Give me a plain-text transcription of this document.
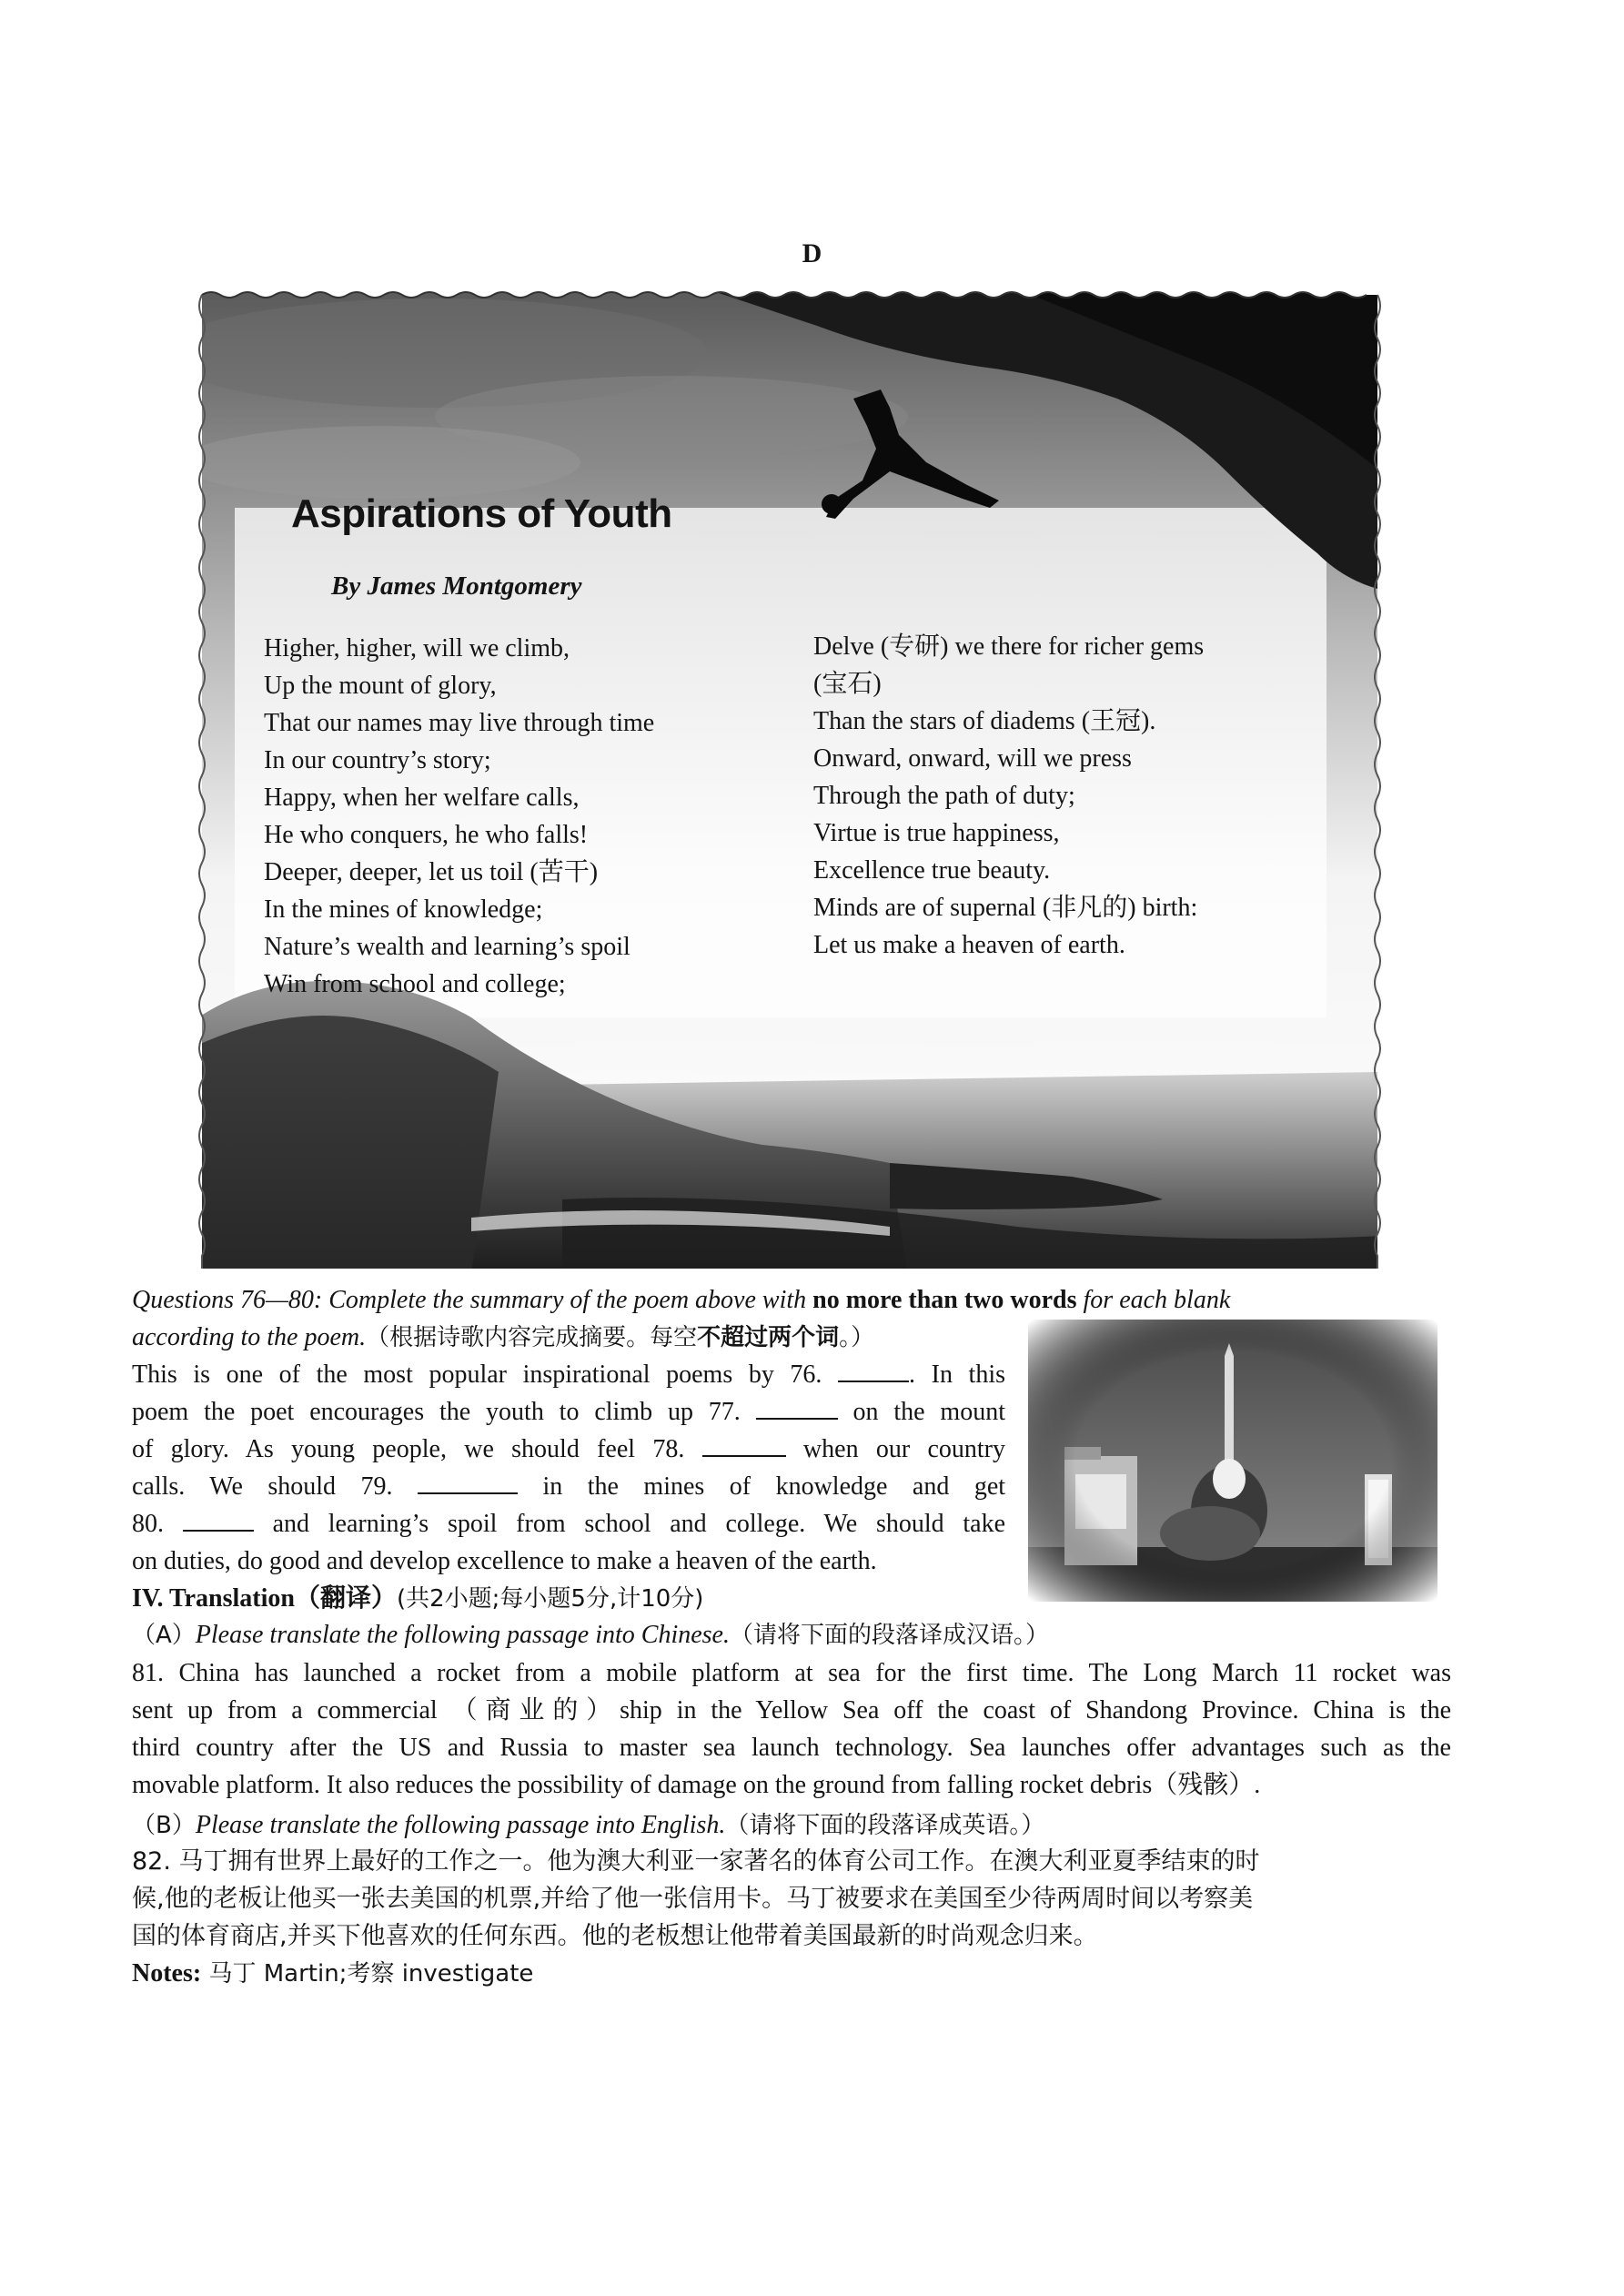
D
Aspirations of Youth
By James Montgomery
Higher, higher, will we climb,
Up the mount of glory,
That our names may live through time
In our country’s story;
Happy, when her welfare calls,
He who conquers, he who falls!
Deeper, deeper, let us toil (苦干)
In the mines of knowledge;
Nature’s wealth and learning’s spoil
Win from school and college;
Delve (专研) we there for richer gems
(宝石)
Than the stars of diadems (王冠).
Onward, onward, will we press
Through the path of duty;
Virtue is true happiness,
Excellence true beauty.
Minds are of supernal (非凡的) birth:
Let us make a heaven of earth.
Questions 76—80: Complete the summary of the poem above with no more than two words for each blank
according to the poem.（根据诗歌内容完成摘要。每空不超过两个词。）
This is one of the most popular inspirational poems by 76.	. In this
poem the poet encourages the youth to climb up 77.	on the mount
of glory. As young people, we should feel 78.	when our country
calls. We should 79.	in the mines of knowledge and get
80.	and learning’s spoil from school and college. We should take
on duties, do good and develop excellence to make a heaven of the earth.
IV. Translation（翻译）(共2小题;每小题5分,计10分)
（A）Please translate the following passage into Chinese.（请将下面的段落译成汉语。）
81. China has launched a rocket from a mobile platform at sea for the first time. The Long March 11 rocket was
sent up from a commercial （商业的）ship in the Yellow Sea off the coast of Shandong Province. China is the
third country after the US and Russia to master sea launch technology. Sea launches offer advantages such as the
movable platform. It also reduces the possibility of damage on the ground from falling rocket debris（残骸）.
（B）Please translate the following passage into English.（请将下面的段落译成英语。）
82. 马丁拥有世界上最好的工作之一。他为澳大利亚一家著名的体育公司工作。在澳大利亚夏季结束的时
候,他的老板让他买一张去美国的机票,并给了他一张信用卡。马丁被要求在美国至少待两周时间以考察美
国的体育商店,并买下他喜欢的任何东西。他的老板想让他带着美国最新的时尚观念归来。
Notes: 马丁 Martin;考察 investigate
